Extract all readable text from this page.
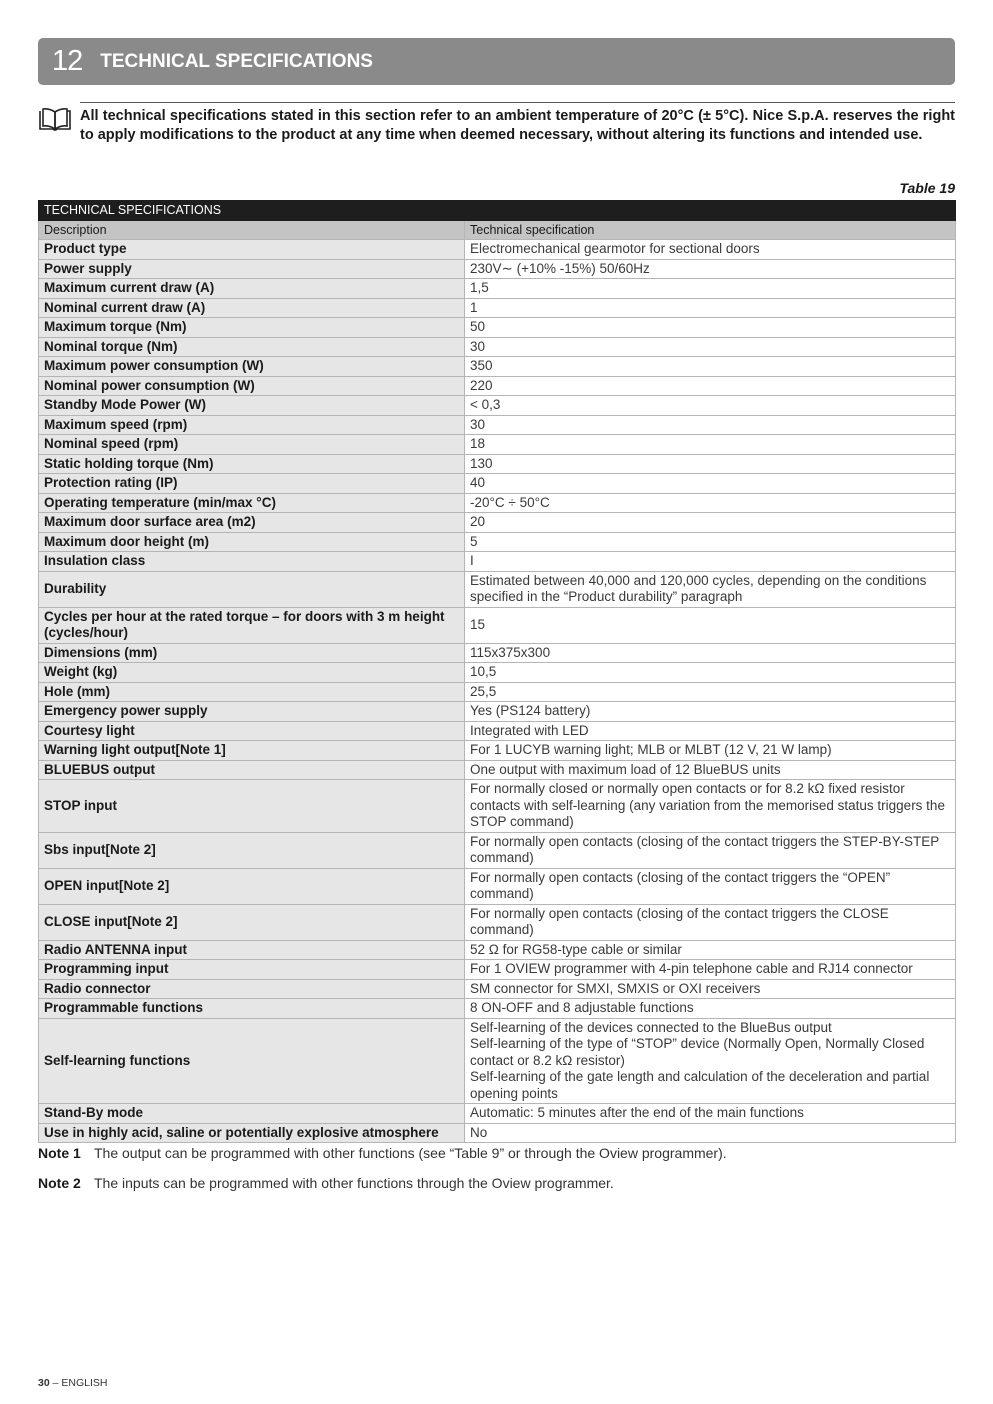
12 TECHNICAL SPECIFICATIONS
All technical specifications stated in this section refer to an ambient temperature of 20°C (± 5°C). Nice S.p.A. reserves the right to apply modifications to the product at any time when deemed necessary, without altering its functions and intended use.
Table 19
TECHNICAL SPECIFICATIONS	
Description	Technical specification
Product type	Electromechanical gearmotor for sectional doors

Power supply	230V∼ (+10% -15%) 50/60Hz

Maximum current draw (A)	1,5

Nominal current draw (A)	1

Maximum torque (Nm)	50

Nominal torque (Nm)	30

Maximum power consumption (W)	350

Nominal power consumption (W)	220

Standby Mode Power (W)	< 0,3

Maximum speed (rpm)	30

Nominal speed (rpm)	18

Static holding torque (Nm)	130

Protection rating (IP)	40

Operating temperature (min/max °C)	-20°C ÷ 50°C

Maximum door surface area (m2)	20

Maximum door height (m)	5

Insulation class	I

Durability	Estimated between 40,000 and 120,000 cycles, depending on the conditions specified in the “Product durability” paragraph

Cycles per hour at the rated torque – for doors with 3 m height (cycles/hour)	15

Dimensions (mm)	115x375x300

Weight (kg)	10,5

Hole (mm)	25,5

Emergency power supply	Yes (PS124 battery)

Courtesy light	Integrated with LED

Warning light output[Note 1]	For 1 LUCYB warning light; MLB or MLBT (12 V, 21 W lamp)

BLUEBUS output	One output with maximum load of 12 BlueBUS units

STOP input	For normally closed or normally open contacts or for 8.2 kΩ fixed resistor contacts with self-learning (any variation from the memorised status triggers the STOP command)

Sbs input[Note 2]	For normally open contacts (closing of the contact triggers the STEP-BY-STEP command)

OPEN input[Note 2]	For normally open contacts (closing of the contact triggers the “OPEN” command)

CLOSE input[Note 2]	For normally open contacts (closing of the contact triggers the CLOSE command)

Radio ANTENNA input	52 Ω for RG58-type cable or similar

Programming input	For 1 OVIEW programmer with 4-pin telephone cable and RJ14 connector

Radio connector	SM connector for SMXI, SMXIS or OXI receivers

Programmable functions	8 ON-OFF and 8 adjustable functions

Self-learning functions	Self-learning of the devices connected to the BlueBus output
Self-learning of the type of “STOP” device (Normally Open, Normally Closed contact or 8.2 kΩ resistor)
Self-learning of the gate length and calculation of the deceleration and partial opening points

Stand-By mode	Automatic: 5 minutes after the end of the main functions

Use in highly acid, saline or potentially explosive atmosphere	No
Note 1 The output can be programmed with other functions (see “Table 9” or through the Oview programmer).
Note 2 The inputs can be programmed with other functions through the Oview programmer.
30 – ENGLISH
